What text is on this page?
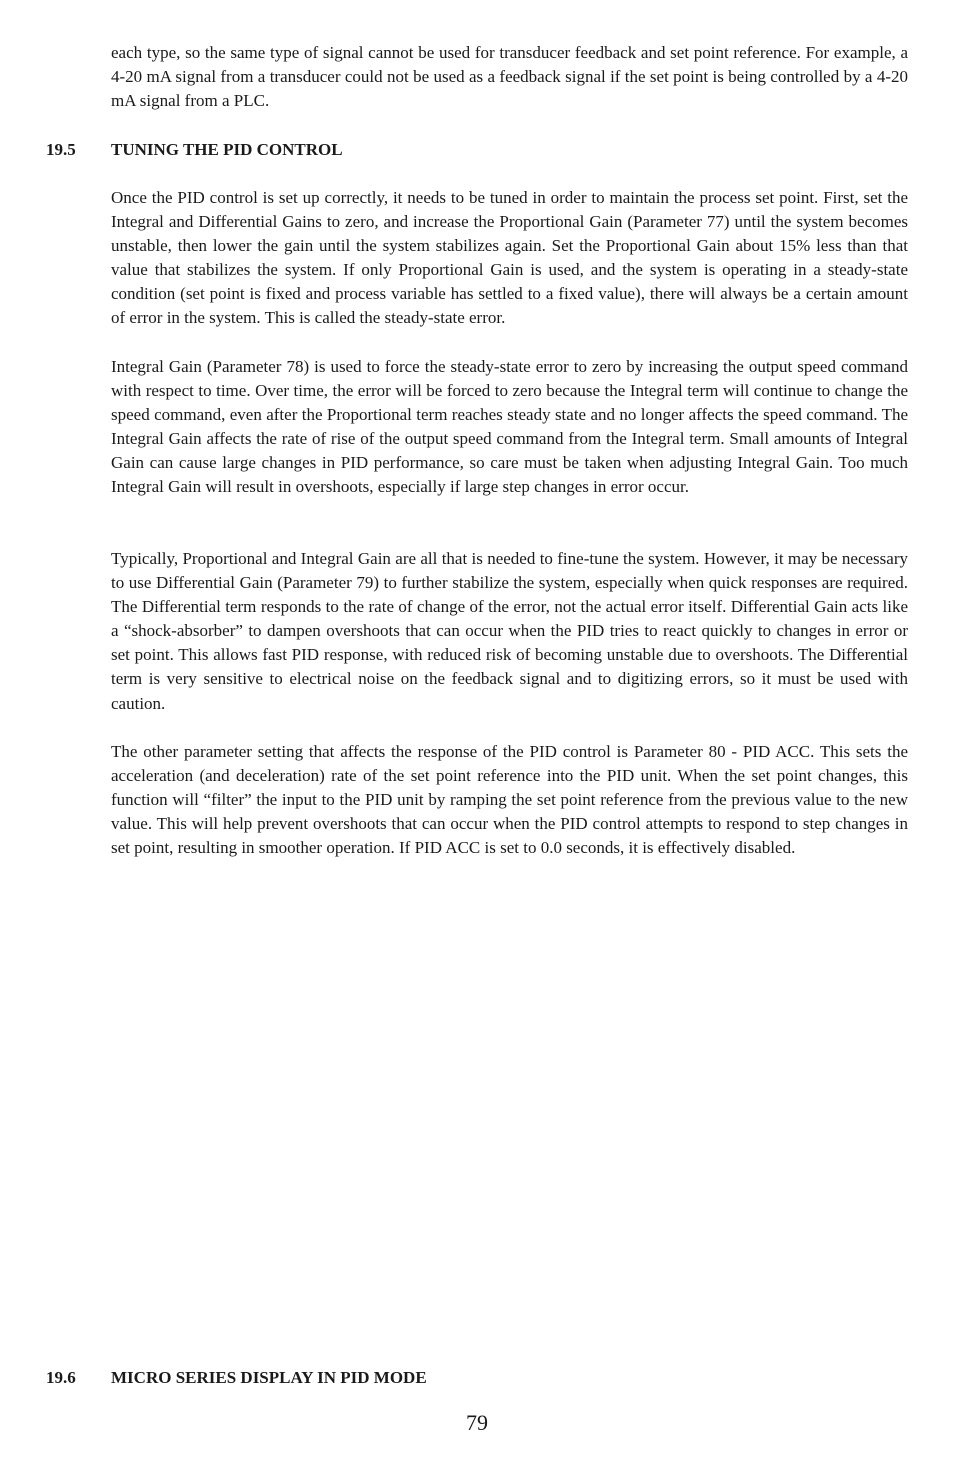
each type, so the same type of signal cannot be used for transducer feedback and set point reference. For example, a 4-20 mA signal from a transducer could not be used as a feedback signal if the set point is being controlled by a 4-20 mA signal from a PLC.

19.5 TUNING THE PID CONTROL

Once the PID control is set up correctly, it needs to be tuned in order to maintain the process set point. First, set the Integral and Differential Gains to zero, and increase the Proportional Gain (Parameter 77) until the system becomes unstable, then lower the gain until the system stabilizes again. Set the Proportional Gain about 15% less than that value that stabilizes the system. If only Proportional Gain is used, and the system is operating in a steady-state condition (set point is fixed and process variable has settled to a fixed value), there will always be a certain amount of error in the system. This is called the steady-state error.

Integral Gain (Parameter 78) is used to force the steady-state error to zero by increasing the output speed command with respect to time. Over time, the error will be forced to zero because the Integral term will continue to change the speed command, even after the Proportional term reaches steady state and no longer affects the speed command. The Integral Gain affects the rate of rise of the output speed command from the Integral term. Small amounts of Integral Gain can cause large changes in PID performance, so care must be taken when adjusting Integral Gain. Too much Integral Gain will result in overshoots, especially if large step changes in error occur.

Typically, Proportional and Integral Gain are all that is needed to fine-tune the system. However, it may be necessary to use Differential Gain (Parameter 79) to further stabilize the system, especially when quick responses are required. The Differential term responds to the rate of change of the error, not the actual error itself. Differential Gain acts like a “shock-absorber” to dampen overshoots that can occur when the PID tries to react quickly to changes in error or set point. This allows fast PID response, with reduced risk of becoming unstable due to overshoots. The Differential term is very sensitive to electrical noise on the feedback signal and to digitizing errors, so it must be used with caution.

The other parameter setting that affects the response of the PID control is Parameter 80 - PID ACC. This sets the acceleration (and deceleration) rate of the set point reference into the PID unit. When the set point changes, this function will “filter” the input to the PID unit by ramping the set point reference from the previous value to the new value. This will help prevent overshoots that can occur when the PID control attempts to respond to step changes in set point, resulting in smoother operation. If PID ACC is set to 0.0 seconds, it is effectively disabled.

19.6 MICRO SERIES DISPLAY IN PID MODE
79
